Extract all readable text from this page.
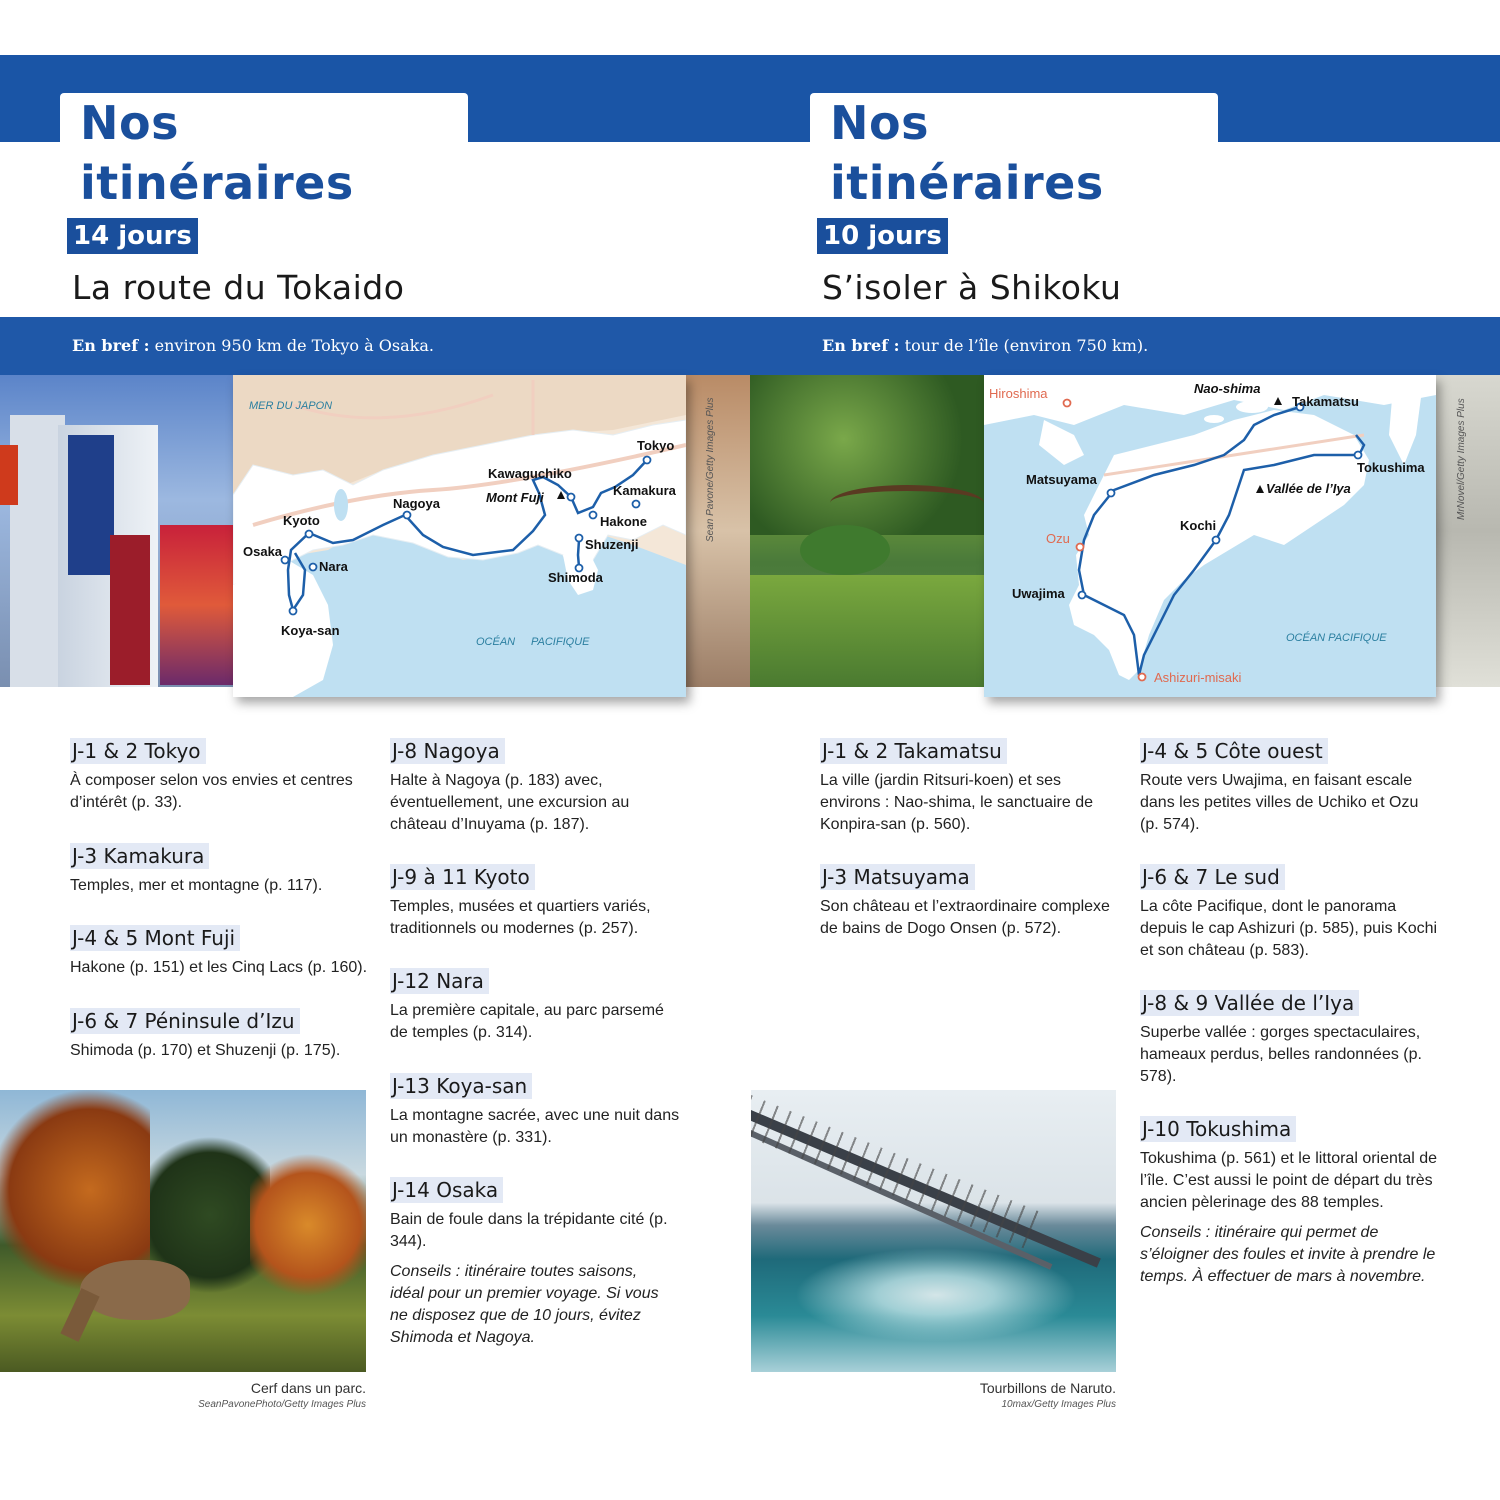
Nos itinéraires
14 jours
La route du Tokaido
En bref : environ 950 km de Tokyo à Osaka.
MER DU JAPON
OCÉAN PACIFIQUE
Tokyo
Kawaguchiko
Kamakura
Mont Fuji
Hakone
Shuzenji
Shimoda
Nagoya
Kyoto
Osaka
Nara
Koya-san
Sean Pavone/Getty Images Plus
J-1 & 2 Tokyo

À composer selon vos envies et centres d’intérêt (p. 33).

J-3 Kamakura

Temples, mer et montagne (p. 117).

J-4 & 5 Mont Fuji

Hakone (p. 151) et les Cinq Lacs (p. 160).

J-6 & 7 Péninsule d’Izu

Shimoda (p. 170) et Shuzenji (p. 175).

J-8 Nagoya

Halte à Nagoya (p. 183) avec, éventuellement, une excursion au château d’Inuyama (p. 187).

J-9 à 11 Kyoto

Temples, musées et quartiers variés, traditionnels ou modernes (p. 257).

J-12 Nara

La première capitale, au parc parsemé de temples (p. 314).

J-13 Koya-san

La montagne sacrée, avec une nuit dans un monastère (p. 331).

J-14 Osaka

Bain de foule dans la trépidante cité (p. 344).

Conseils : itinéraire toutes saisons, idéal pour un premier voyage. Si vous ne disposez que de 10 jours, évitez Shimoda et Nagoya.

Cerf dans un parc.
SeanPavonePhoto/Getty Images Plus
Nos itinéraires
10 jours
S’isoler à Shikoku
En bref : tour de l’île (environ 750 km).
Hiroshima	Nao-shima
Takamatsu
Tokushima
Matsuyama
Vallée de l’Iya
Kochi
Ozu
Uwajima
Ashizuri-misaki
OCÉAN PACIFIQUE
MrNovel/Getty Images Plus
J-1 & 2 Takamatsu

La ville (jardin Ritsuri-koen) et ses environs : Nao-shima, le sanctuaire de Konpira-san (p. 560).

J-3 Matsuyama

Son château et l’extraordinaire complexe de bains de Dogo Onsen (p. 572).

J-4 & 5 Côte ouest

Route vers Uwajima, en faisant escale dans les petites villes de Uchiko et Ozu (p. 574).

J-6 & 7 Le sud

La côte Pacifique, dont le panorama depuis le cap Ashizuri (p. 585), puis Kochi et son château (p. 583).

J-8 & 9 Vallée de l’Iya

Superbe vallée : gorges spectaculaires, hameaux perdus, belles randonnées (p. 578).

J-10 Tokushima

Tokushima (p. 561) et le littoral oriental de l’île. C’est aussi le point de départ du très ancien pèlerinage des 88 temples.

Conseils : itinéraire qui permet de s’éloigner des foules et invite à prendre le temps. À effectuer de mars à novembre.

Tourbillons de Naruto.
10max/Getty Images Plus
